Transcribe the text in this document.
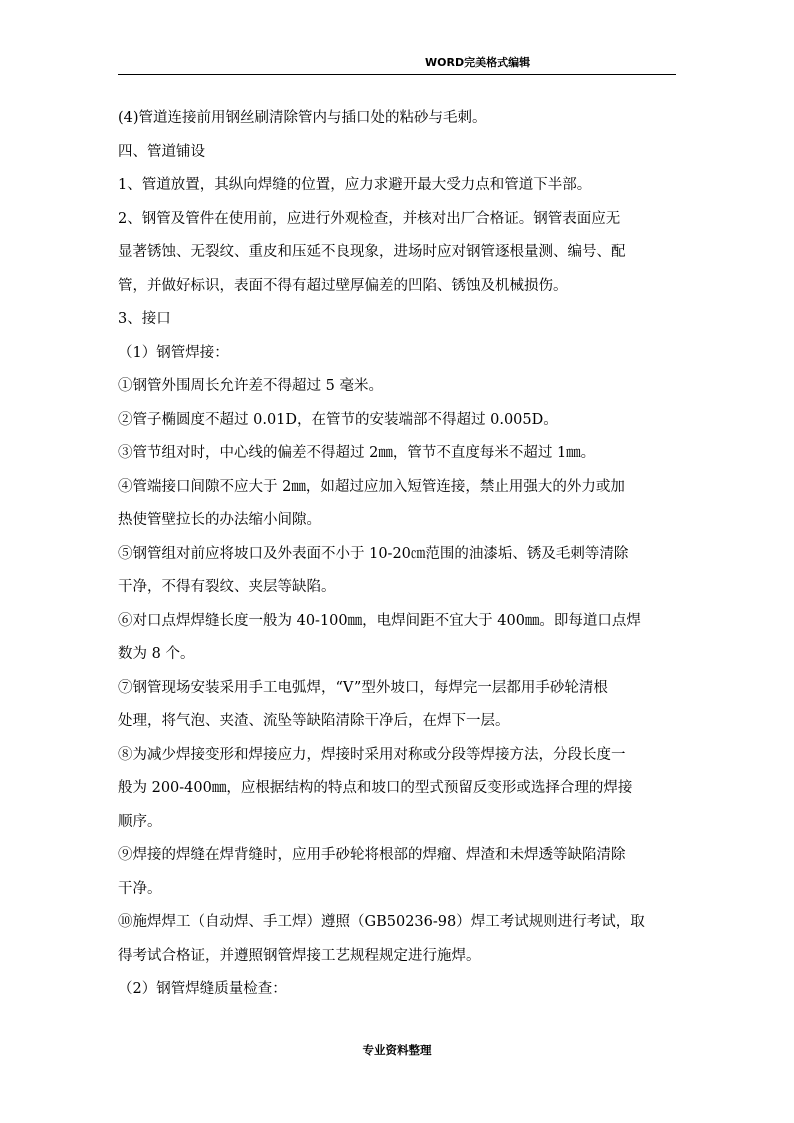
WORD完美格式编辑
(4)管道连接前用钢丝刷清除管内与插口处的粘砂与毛刺。
四、管道铺设
1、管道放置，其纵向焊缝的位置，应力求避开最大受力点和管道下半部。
2、钢管及管件在使用前，应进行外观检查，并核对出厂合格证。钢管表面应无
显著锈蚀、无裂纹、重皮和压延不良现象，进场时应对钢管逐根量测、编号、配
管，并做好标识，表面不得有超过壁厚偏差的凹陷、锈蚀及机械损伤。
3、接口
（1）钢管焊接：
①钢管外围周长允许差不得超过 5 毫米。
②管子椭圆度不超过 0.01D，在管节的安装端部不得超过 0.005D。
③管节组对时，中心线的偏差不得超过 2㎜，管节不直度每米不超过 1㎜。
④管端接口间隙不应大于 2㎜，如超过应加入短管连接，禁止用强大的外力或加
热使管壁拉长的办法缩小间隙。
⑤钢管组对前应将坡口及外表面不小于 10-20㎝范围的油漆垢、锈及毛刺等清除
干净，不得有裂纹、夹层等缺陷。
⑥对口点焊焊缝长度一般为 40-100㎜，电焊间距不宜大于 400㎜。即每道口点焊
数为 8 个。
⑦钢管现场安装采用手工电弧焊，“V”型外坡口，每焊完一层都用手砂轮清根
处理，将气泡、夹渣、流坠等缺陷清除干净后，在焊下一层。
⑧为减少焊接变形和焊接应力，焊接时采用对称或分段等焊接方法，分段长度一
般为 200-400㎜，应根据结构的特点和坡口的型式预留反变形或选择合理的焊接
顺序。
⑨焊接的焊缝在焊背缝时，应用手砂轮将根部的焊瘤、焊渣和未焊透等缺陷清除
干净。
⑩施焊焊工（自动焊、手工焊）遵照（GB50236-98）焊工考试规则进行考试，取
得考试合格证，并遵照钢管焊接工艺规程规定进行施焊。
（2）钢管焊缝质量检查：
专业资料整理
